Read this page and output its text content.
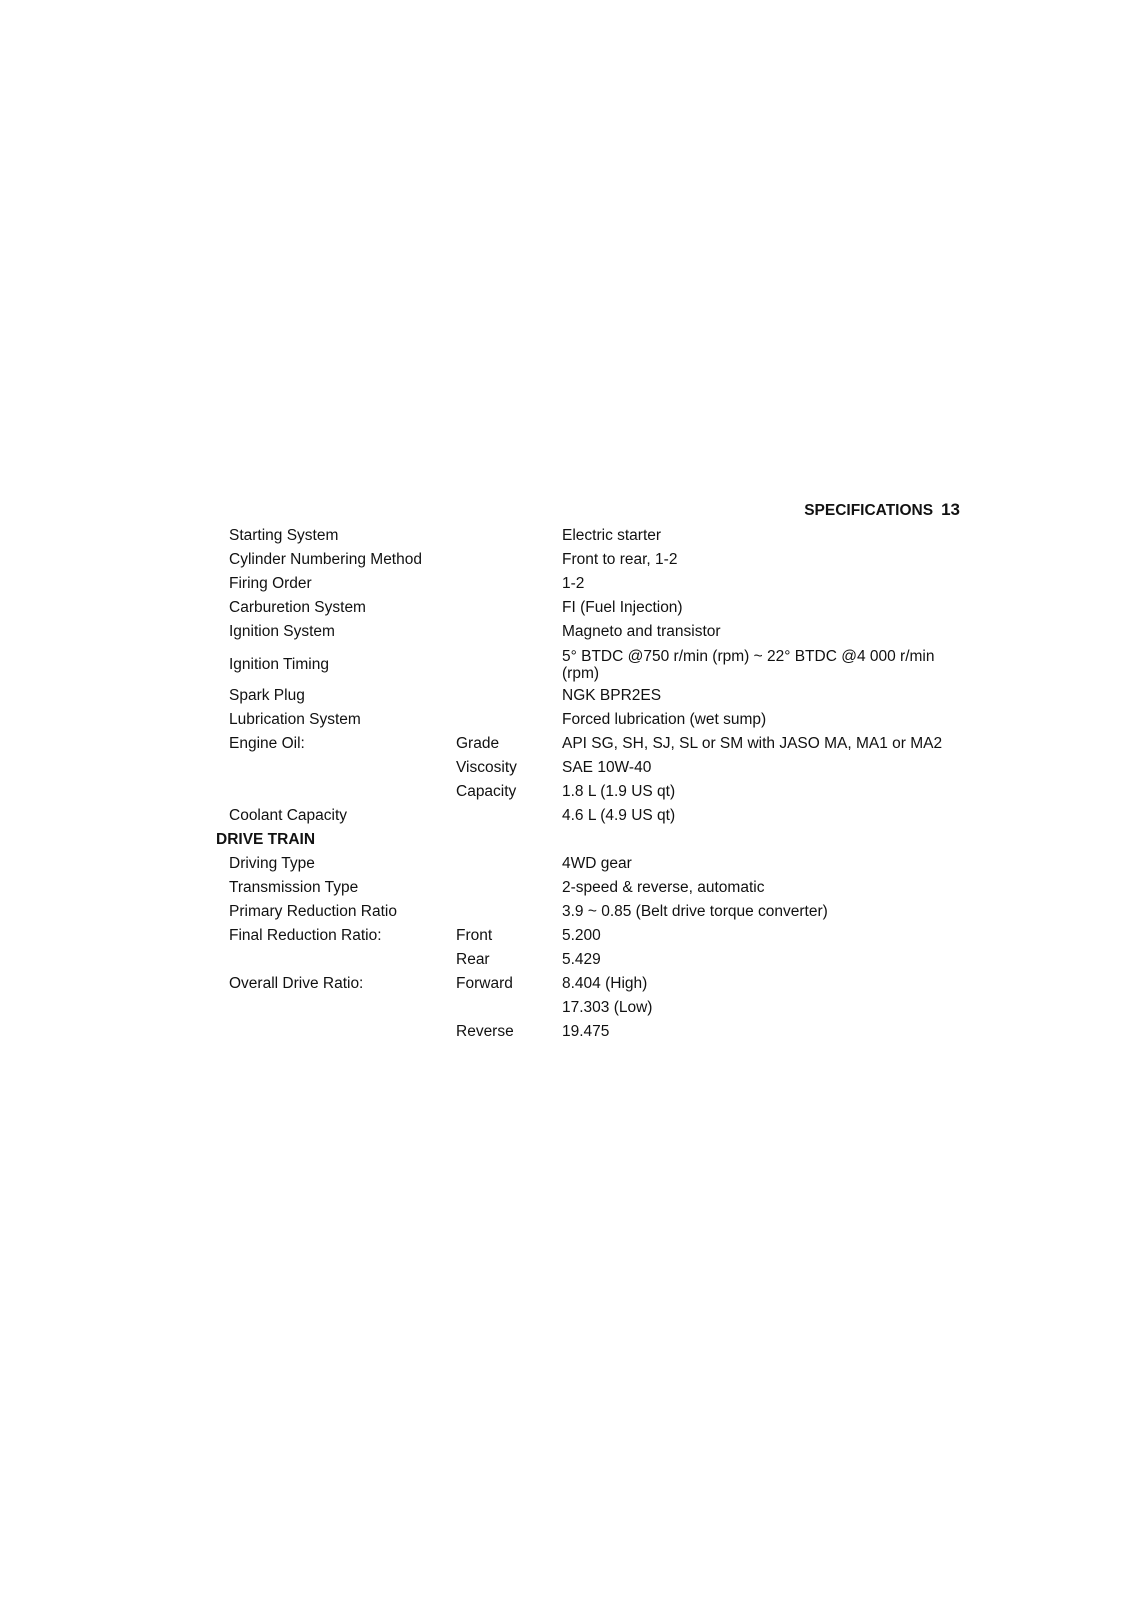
SPECIFICATIONS 13
Starting System	Electric starter
Cylinder Numbering Method	Front to rear, 1-2
Firing Order	1-2
Carburetion System	FI (Fuel Injection)
Ignition System	Magneto and transistor
Ignition Timing	5° BTDC @750 r/min (rpm) ~ 22° BTDC @4 000 r/min (rpm)
Spark Plug	NGK BPR2ES
Lubrication System	Forced lubrication (wet sump)
Engine Oil:	Grade	API SG, SH, SJ, SL or SM with JASO MA, MA1 or MA2
Viscosity	SAE 10W-40
Capacity	1.8 L (1.9 US qt)
Coolant Capacity	4.6 L (4.9 US qt)
DRIVE TRAIN
Driving Type	4WD gear
Transmission Type	2-speed & reverse, automatic
Primary Reduction Ratio	3.9 ~ 0.85 (Belt drive torque converter)
Final Reduction Ratio:	Front	5.200
Rear	5.429
Overall Drive Ratio:	Forward	8.404 (High)
17.303 (Low)
Reverse	19.475
